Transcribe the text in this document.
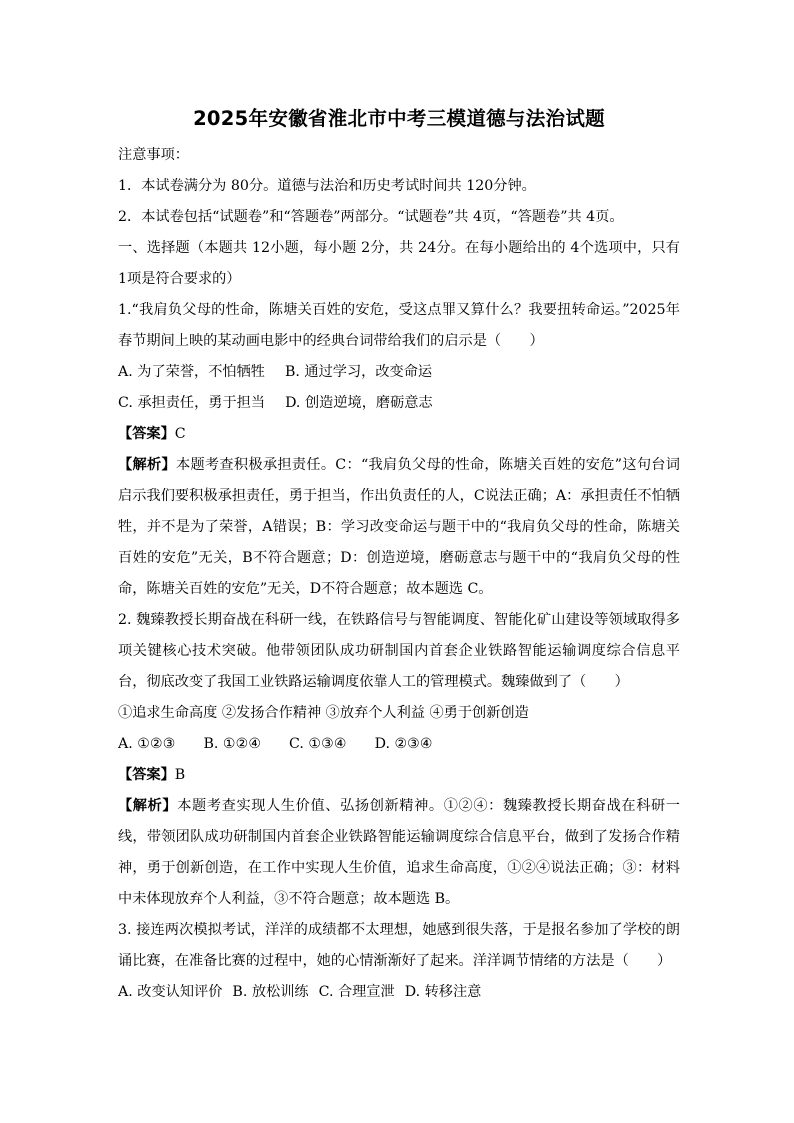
2025年安徽省淮北市中考三模道德与法治试题

注意事项：

1．本试卷满分为 80分。道德与法治和历史考试时间共 120分钟。

2．本试卷包括“试题卷”和“答题卷”两部分。“试题卷”共 4页，“答题卷”共 4页。

一、选择题（本题共 12小题，每小题 2分，共 24分。在每小题给出的 4个选项中，只有 1项是符合要求的）

1.“我肩负父母的性命，陈塘关百姓的安危，受这点罪又算什么？我要扭转命运。”2025年春节期间上映的某动画电影中的经典台词带给我们的启示是（　　）

A. 为了荣誉，不怕牺牲 B. 通过学习，改变命运
C. 承担责任，勇于担当 D. 创造逆境，磨砺意志

【答案】C

【解析】本题考查积极承担责任。C：“我肩负父母的性命，陈塘关百姓的安危”这句台词启示我们要积极承担责任，勇于担当，作出负责任的人，C说法正确；A：承担责任不怕牺牲，并不是为了荣誉，A错误；B：学习改变命运与题干中的“我肩负父母的性命，陈塘关百姓的安危”无关，B不符合题意；D：创造逆境，磨砺意志与题干中的“我肩负父母的性命，陈塘关百姓的安危”无关，D不符合题意；故本题选 C。

2. 魏臻教授长期奋战在科研一线，在铁路信号与智能调度、智能化矿山建设等领域取得多项关键核心技术突破。他带领团队成功研制国内首套企业铁路智能运输调度综合信息平台，彻底改变了我国工业铁路运输调度依靠人工的管理模式。魏臻做到了（　　）

①追求生命高度 ②发扬合作精神 ③放弃个人利益 ④勇于创新创造

A. ①②③ B. ①②④ C. ①③④ D. ②③④

【答案】B

【解析】本题考查实现人生价值、弘扬创新精神。①②④：魏臻教授长期奋战在科研一线，带领团队成功研制国内首套企业铁路智能运输调度综合信息平台，做到了发扬合作精神，勇于创新创造，在工作中实现人生价值，追求生命高度，①②④说法正确；③：材料中未体现放弃个人利益，③不符合题意；故本题选 B。

3. 接连两次模拟考试，洋洋的成绩都不太理想，她感到很失落，于是报名参加了学校的朗诵比赛，在准备比赛的过程中，她的心情渐渐好了起来。洋洋调节情绪的方法是（　　）

A. 改变认知评价 B. 放松训练 C. 合理宣泄 D. 转移注意
